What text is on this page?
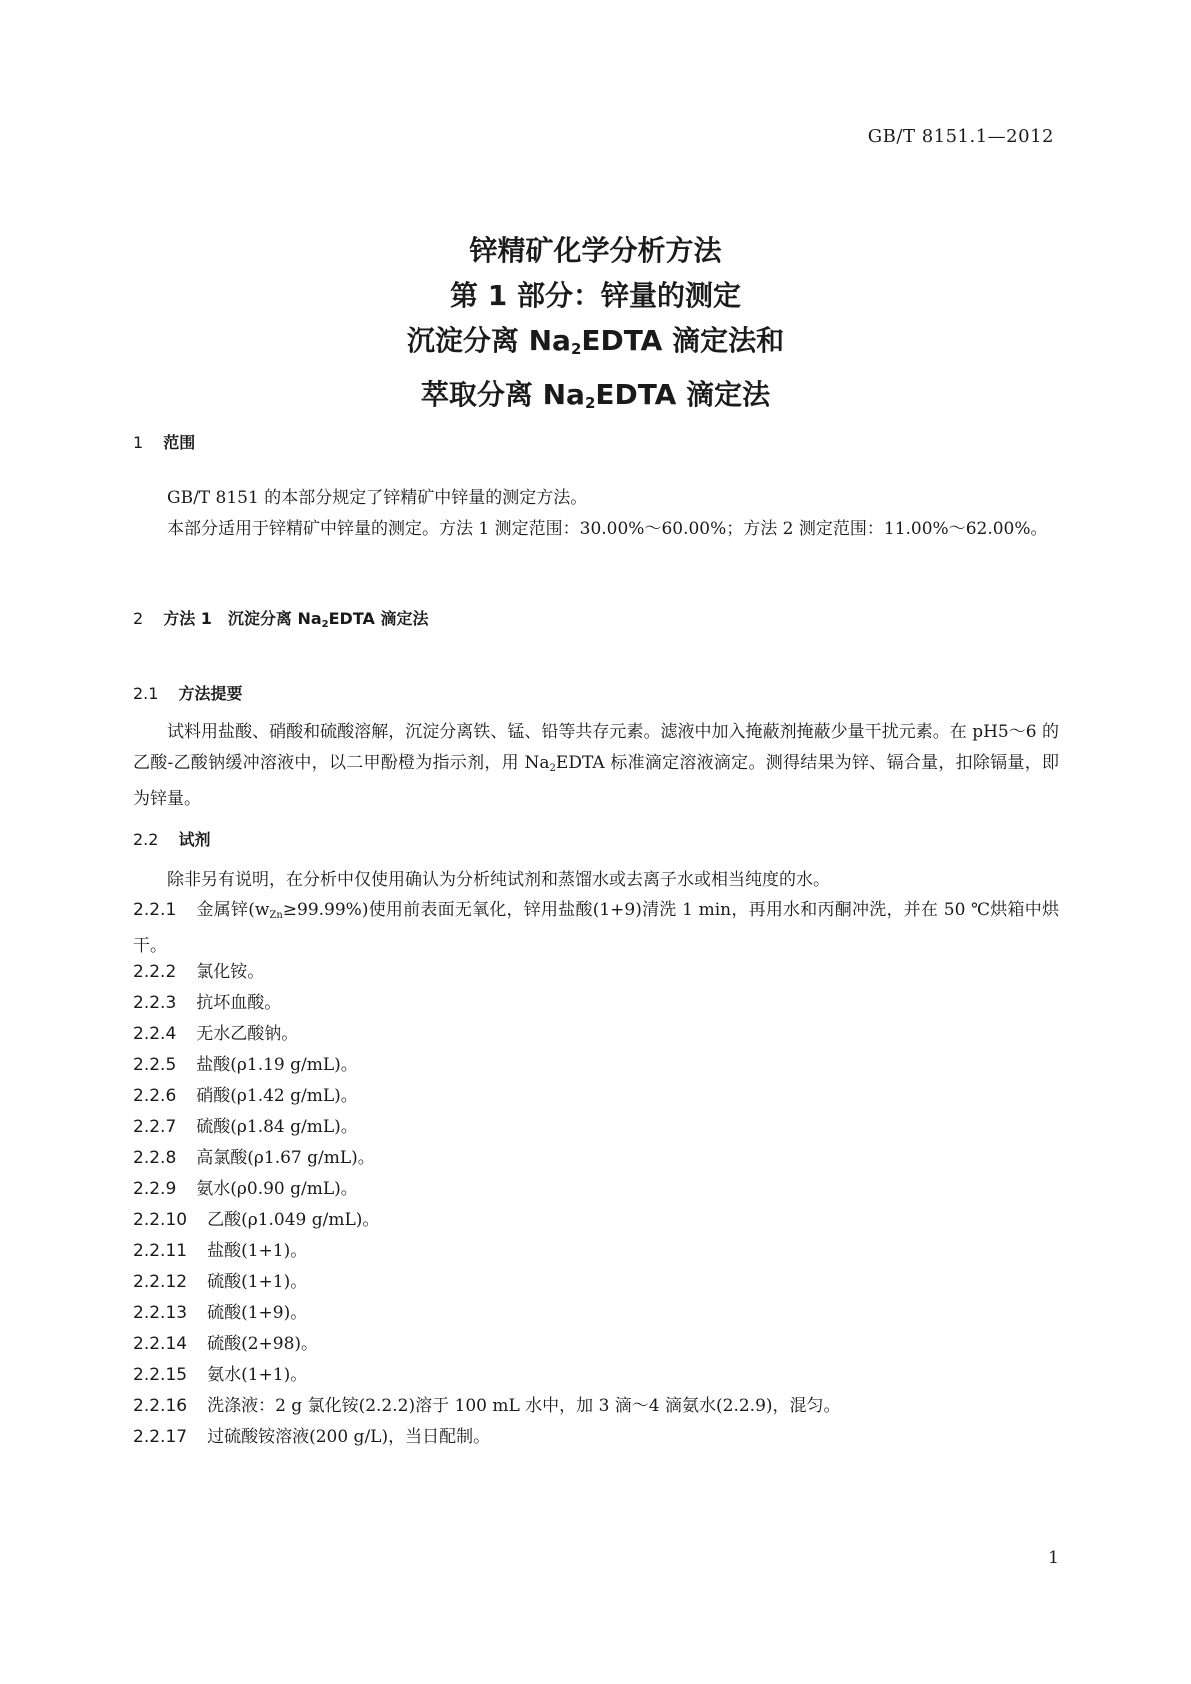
GB/T 8151.1—2012
锌精矿化学分析方法
第 1 部分：锌量的测定
沉淀分离 $Na_2EDTA$ 滴定法和
萃取分离 $Na_2EDTA$ 滴定法
1 范围
GB/T 8151 的本部分规定了锌精矿中锌量的测定方法。
本部分适用于锌精矿中锌量的测定。方法 1 测定范围：30.00%～60.00%；方法 2 测定范围：11.00%～62.00%。
2 方法 1　沉淀分离 Na2EDTA 滴定法
2.1 方法提要
试料用盐酸、硝酸和硫酸溶解，沉淀分离铁、锰、铅等共存元素。滤液中加入掩蔽剂掩蔽少量干扰元素。在 pH5～6 的乙酸-乙酸钠缓冲溶液中，以二甲酚橙为指示剂，用 Na2EDTA 标准滴定溶液滴定。测得结果为锌、镉合量，扣除镉量，即为锌量。
2.2 试剂
除非另有说明，在分析中仅使用确认为分析纯试剂和蒸馏水或去离子水或相当纯度的水。
2.2.1 金属锌(wZn≥99.99%)使用前表面无氧化，锌用盐酸(1+9)清洗 1 min，再用水和丙酮冲洗，并在 50 ℃烘箱中烘干。
2.2.2 氯化铵。
2.2.3 抗坏血酸。
2.2.4 无水乙酸钠。
2.2.5 盐酸(ρ1.19 g/mL)。
2.2.6 硝酸(ρ1.42 g/mL)。
2.2.7 硫酸(ρ1.84 g/mL)。
2.2.8 高氯酸(ρ1.67 g/mL)。
2.2.9 氨水(ρ0.90 g/mL)。
2.2.10 乙酸(ρ1.049 g/mL)。
2.2.11 盐酸(1+1)。
2.2.12 硫酸(1+1)。
2.2.13 硫酸(1+9)。
2.2.14 硫酸(2+98)。
2.2.15 氨水(1+1)。
2.2.16 洗涤液：2 g 氯化铵(2.2.2)溶于 100 mL 水中，加 3 滴～4 滴氨水(2.2.9)，混匀。
2.2.17 过硫酸铵溶液(200 g/L)，当日配制。
1
